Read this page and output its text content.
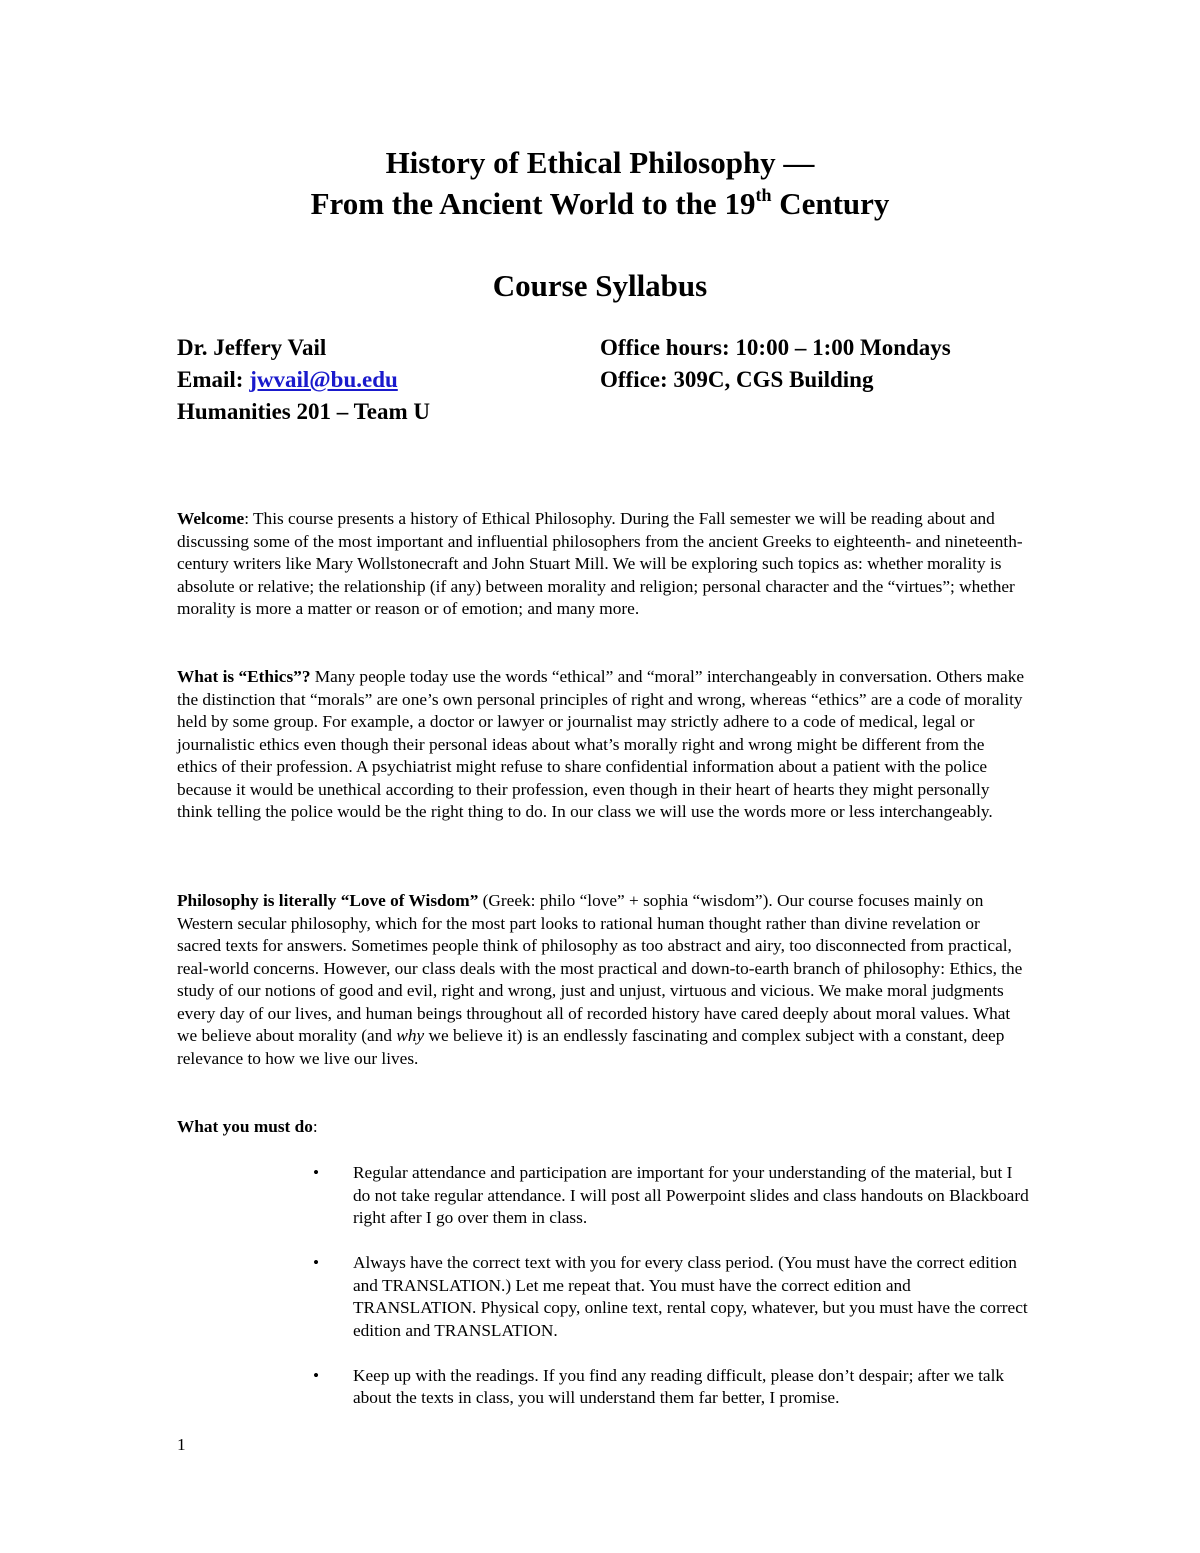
History of Ethical Philosophy —
From the Ancient World to the 19th Century
Course Syllabus
Dr. Jeffery Vail
Email: jwvail@bu.edu
Humanities 201 – Team U
Office hours: 10:00 – 1:00 Mondays
Office: 309C, CGS Building

Welcome: This course presents a history of Ethical Philosophy. During the Fall semester we will be reading about and discussing some of the most important and influential philosophers from the ancient Greeks to eighteenth- and nineteenth-century writers like Mary Wollstonecraft and John Stuart Mill. We will be exploring such topics as: whether morality is absolute or relative; the relationship (if any) between morality and religion; personal character and the “virtues”; whether morality is more a matter or reason or of emotion; and many more.

What is “Ethics”? Many people today use the words “ethical” and “moral” interchangeably in conversation. Others make the distinction that “morals” are one’s own personal principles of right and wrong, whereas “ethics” are a code of morality held by some group. For example, a doctor or lawyer or journalist may strictly adhere to a code of medical, legal or journalistic ethics even though their personal ideas about what’s morally right and wrong might be different from the ethics of their profession. A psychiatrist might refuse to share confidential information about a patient with the police because it would be unethical according to their profession, even though in their heart of hearts they might personally think telling the police would be the right thing to do. In our class we will use the words more or less interchangeably.

Philosophy is literally “Love of Wisdom” (Greek: philo “love” + sophia “wisdom”). Our course focuses mainly on Western secular philosophy, which for the most part looks to rational human thought rather than divine revelation or sacred texts for answers. Sometimes people think of philosophy as too abstract and airy, too disconnected from practical, real-world concerns. However, our class deals with the most practical and down-to-earth branch of philosophy: Ethics, the study of our notions of good and evil, right and wrong, just and unjust, virtuous and vicious. We make moral judgments every day of our lives, and human beings throughout all of recorded history have cared deeply about moral values. What we believe about morality (and why we believe it) is an endlessly fascinating and complex subject with a constant, deep relevance to how we live our lives.

What you must do:

• Regular attendance and participation are important for your understanding of the material, but I do not take regular attendance. I will post all Powerpoint slides and class handouts on Blackboard right after I go over them in class.
• Always have the correct text with you for every class period. (You must have the correct edition and TRANSLATION.) Let me repeat that. You must have the correct edition and TRANSLATION. Physical copy, online text, rental copy, whatever, but you must have the correct edition and TRANSLATION.
• Keep up with the readings. If you find any reading difficult, please don’t despair; after we talk about the texts in class, you will understand them far better, I promise.
1
